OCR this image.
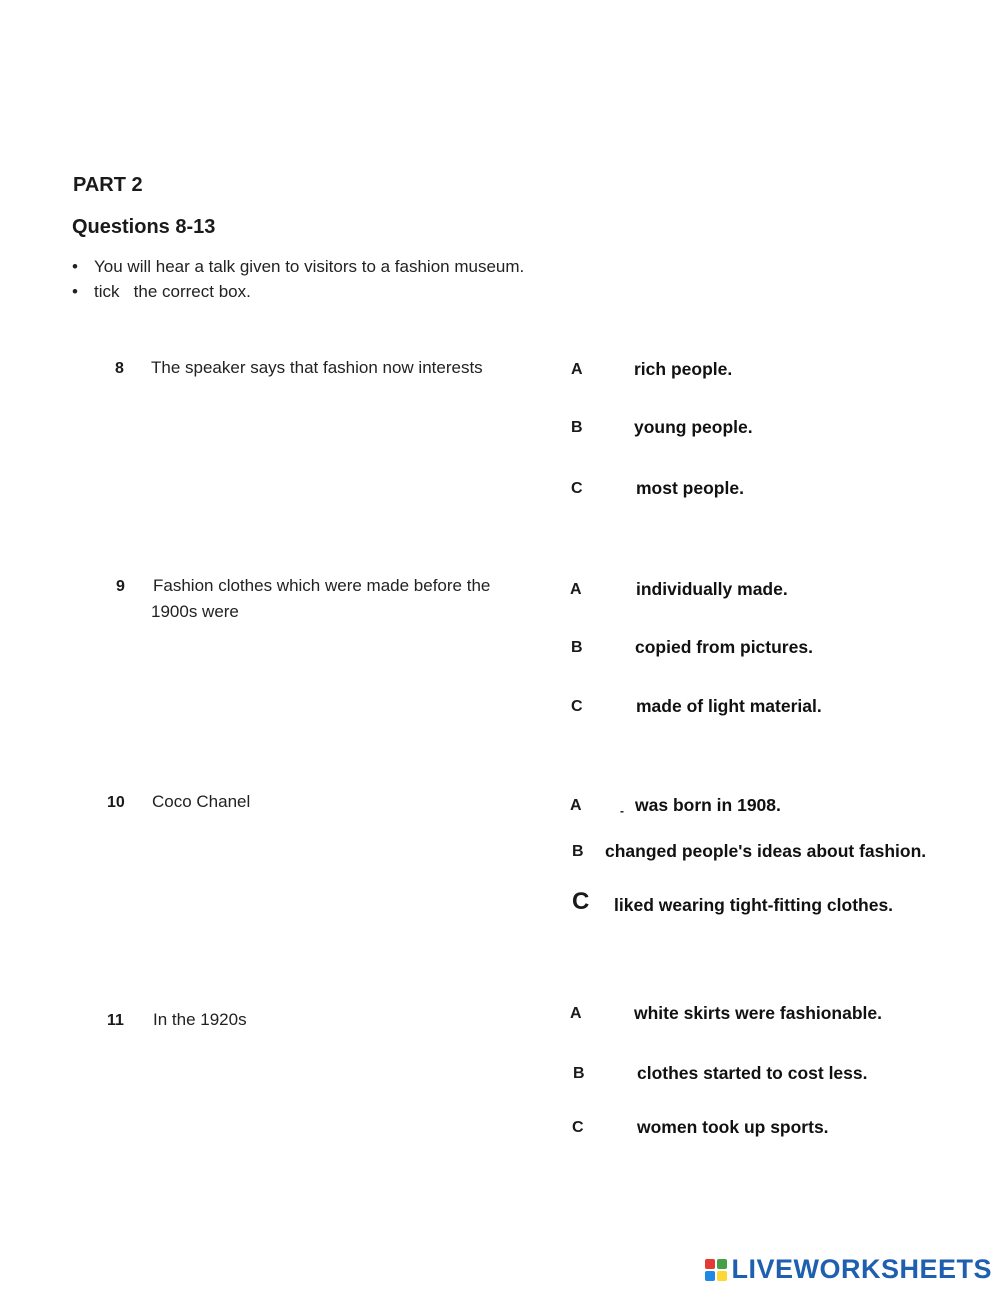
PART 2
Questions 8-13
• You will hear a talk given to visitors to a fashion museum.
• tick   the correct box.
8 The speaker says that fashion now interests	A	rich people.
B	young people.
C	most people.
9 Fashion clothes which were made before the 1900s were
A	individually made.
B	copied from pictures.
C	made of light material.
10 Coco Chanel	A	- was born in 1908.
B changed people's ideas about fashion.
C liked wearing tight-fitting clothes.
11 In the 1920s	A	white skirts were fashionable.
B	clothes started to cost less.
C	women took up sports.
LIVEWORKSHEETS
